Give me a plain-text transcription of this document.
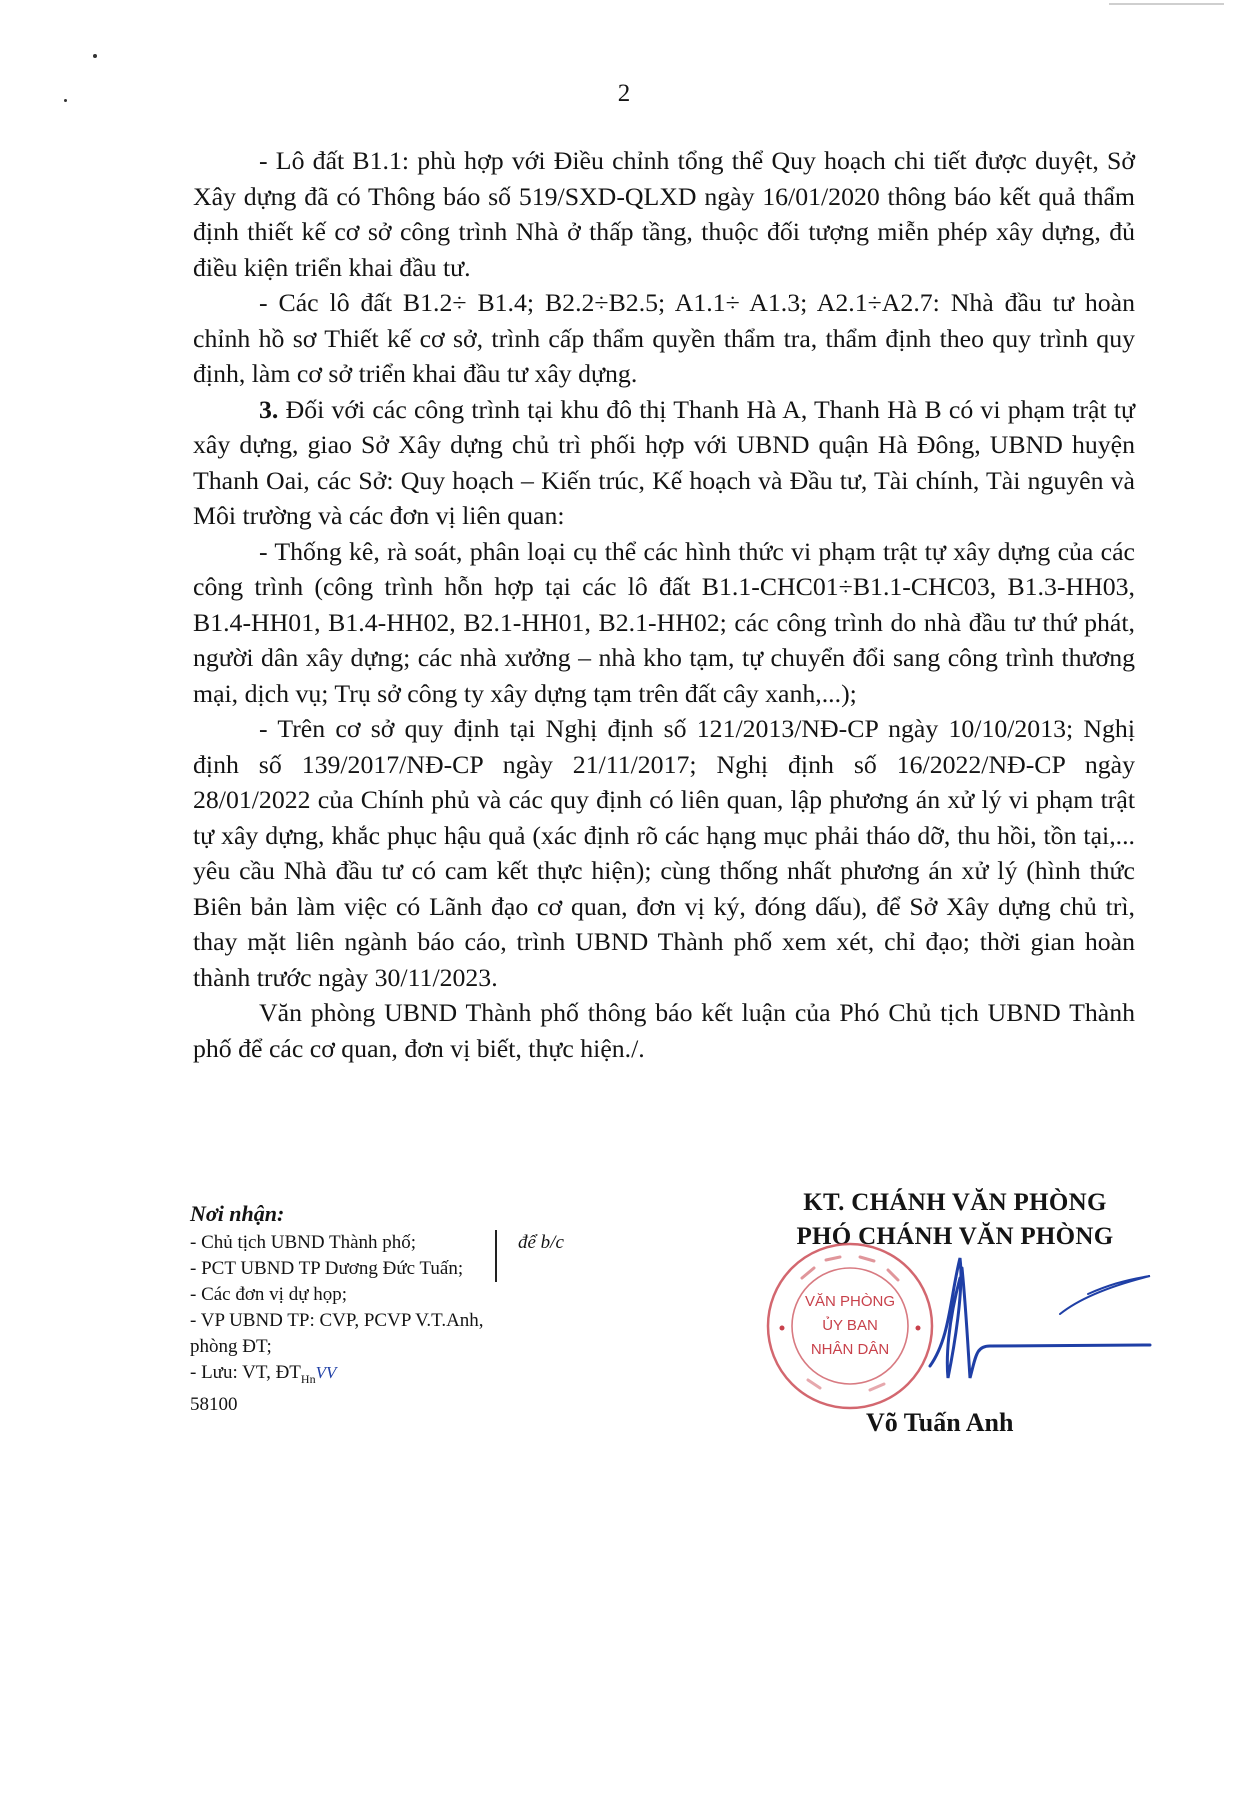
2

- Lô đất B1.1: phù hợp với Điều chỉnh tổng thể Quy hoạch chi tiết được duyệt, Sở Xây dựng đã có Thông báo số 519/SXD-QLXD ngày 16/01/2020 thông báo kết quả thẩm định thiết kế cơ sở công trình Nhà ở thấp tầng, thuộc đối tượng miễn phép xây dựng, đủ điều kiện triển khai đầu tư.

- Các lô đất B1.2÷ B1.4; B2.2÷B2.5; A1.1÷ A1.3; A2.1÷A2.7: Nhà đầu tư hoàn chỉnh hồ sơ Thiết kế cơ sở, trình cấp thẩm quyền thẩm tra, thẩm định theo quy trình quy định, làm cơ sở triển khai đầu tư xây dựng.

3. Đối với các công trình tại khu đô thị Thanh Hà A, Thanh Hà B có vi phạm trật tự xây dựng, giao Sở Xây dựng chủ trì phối hợp với UBND quận Hà Đông, UBND huyện Thanh Oai, các Sở: Quy hoạch – Kiến trúc, Kế hoạch và Đầu tư, Tài chính, Tài nguyên và Môi trường và các đơn vị liên quan:

- Thống kê, rà soát, phân loại cụ thể các hình thức vi phạm trật tự xây dựng của các công trình (công trình hỗn hợp tại các lô đất B1.1-CHC01÷B1.1-CHC03, B1.3-HH03, B1.4-HH01, B1.4-HH02, B2.1-HH01, B2.1-HH02; các công trình do nhà đầu tư thứ phát, người dân xây dựng; các nhà xưởng – nhà kho tạm, tự chuyển đổi sang công trình thương mại, dịch vụ; Trụ sở công ty xây dựng tạm trên đất cây xanh,...);

- Trên cơ sở quy định tại Nghị định số 121/2013/NĐ-CP ngày 10/10/2013; Nghị định số 139/2017/NĐ-CP ngày 21/11/2017; Nghị định số 16/2022/NĐ-CP ngày 28/01/2022 của Chính phủ và các quy định có liên quan, lập phương án xử lý vi phạm trật tự xây dựng, khắc phục hậu quả (xác định rõ các hạng mục phải tháo dỡ, thu hồi, tồn tại,... yêu cầu Nhà đầu tư có cam kết thực hiện); cùng thống nhất phương án xử lý (hình thức Biên bản làm việc có Lãnh đạo cơ quan, đơn vị ký, đóng dấu), để Sở Xây dựng chủ trì, thay mặt liên ngành báo cáo, trình UBND Thành phố xem xét, chỉ đạo; thời gian hoàn thành trước ngày 30/11/2023.

Văn phòng UBND Thành phố thông báo kết luận của Phó Chủ tịch UBND Thành phố để các cơ quan, đơn vị biết, thực hiện./.

Nơi nhận:
- Chủ tịch UBND Thành phố;
- PCT UBND TP Dương Đức Tuấn;
- Các đơn vị dự họp;
- VP UBND TP: CVP, PCVP V.T.Anh,
phòng ĐT;
- Lưu: VT, $ĐT_{Hn}VV$
58100
để b/c
KT. CHÁNH VĂN PHÒNG
PHÓ CHÁNH VĂN PHÒNG
VĂN PHÒNG
ỦY BAN
NHÂN DÂN
Võ Tuấn Anh
